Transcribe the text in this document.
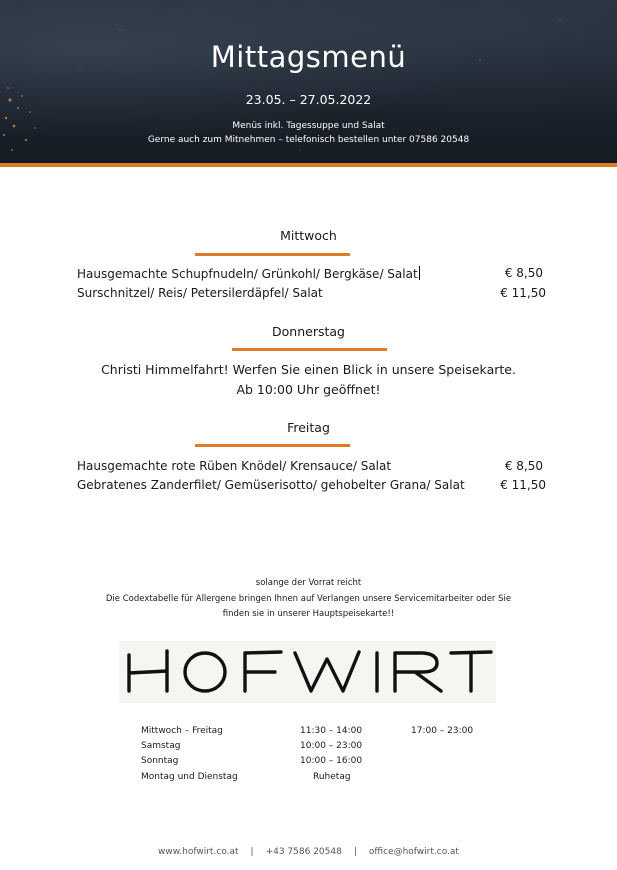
Mittagsmenü
23.05. – 27.05.2022
Menüs inkl. Tagessuppe und Salat
Gerne auch zum Mitnehmen – telefonisch bestellen unter 07586 20548
Mittwoch
Hausgemachte Schupfnudeln/ Grünkohl/ Bergkäse/ Salat	€ 8,50
Surschnitzel/ Reis/ Petersilerdäpfel/ Salat	€ 11,50
Donnerstag
Christi Himmelfahrt! Werfen Sie einen Blick in unsere Speisekarte.
Ab 10:00 Uhr geöffnet!
Freitag
Hausgemachte rote Rüben Knödel/ Krensauce/ Salat	€ 8,50
Gebratenes Zanderfilet/ Gemüserisotto/ gehobelter Grana/ Salat	€ 11,50
solange der Vorrat reicht
Die Codextabelle für Allergene bringen Ihnen auf Verlangen unsere Servicemitarbeiter oder Sie
finden sie in unserer Hauptspeisekarte!!
Mittwoch – Freitag	11:30 – 14:00	17:00 – 23:00
Samstag	10:00 – 23:00
Sonntag	10:00 – 16:00
Montag und Dienstag	Ruhetag
www.hofwirt.co.at | +43 7586 20548 | office@hofwirt.co.at
